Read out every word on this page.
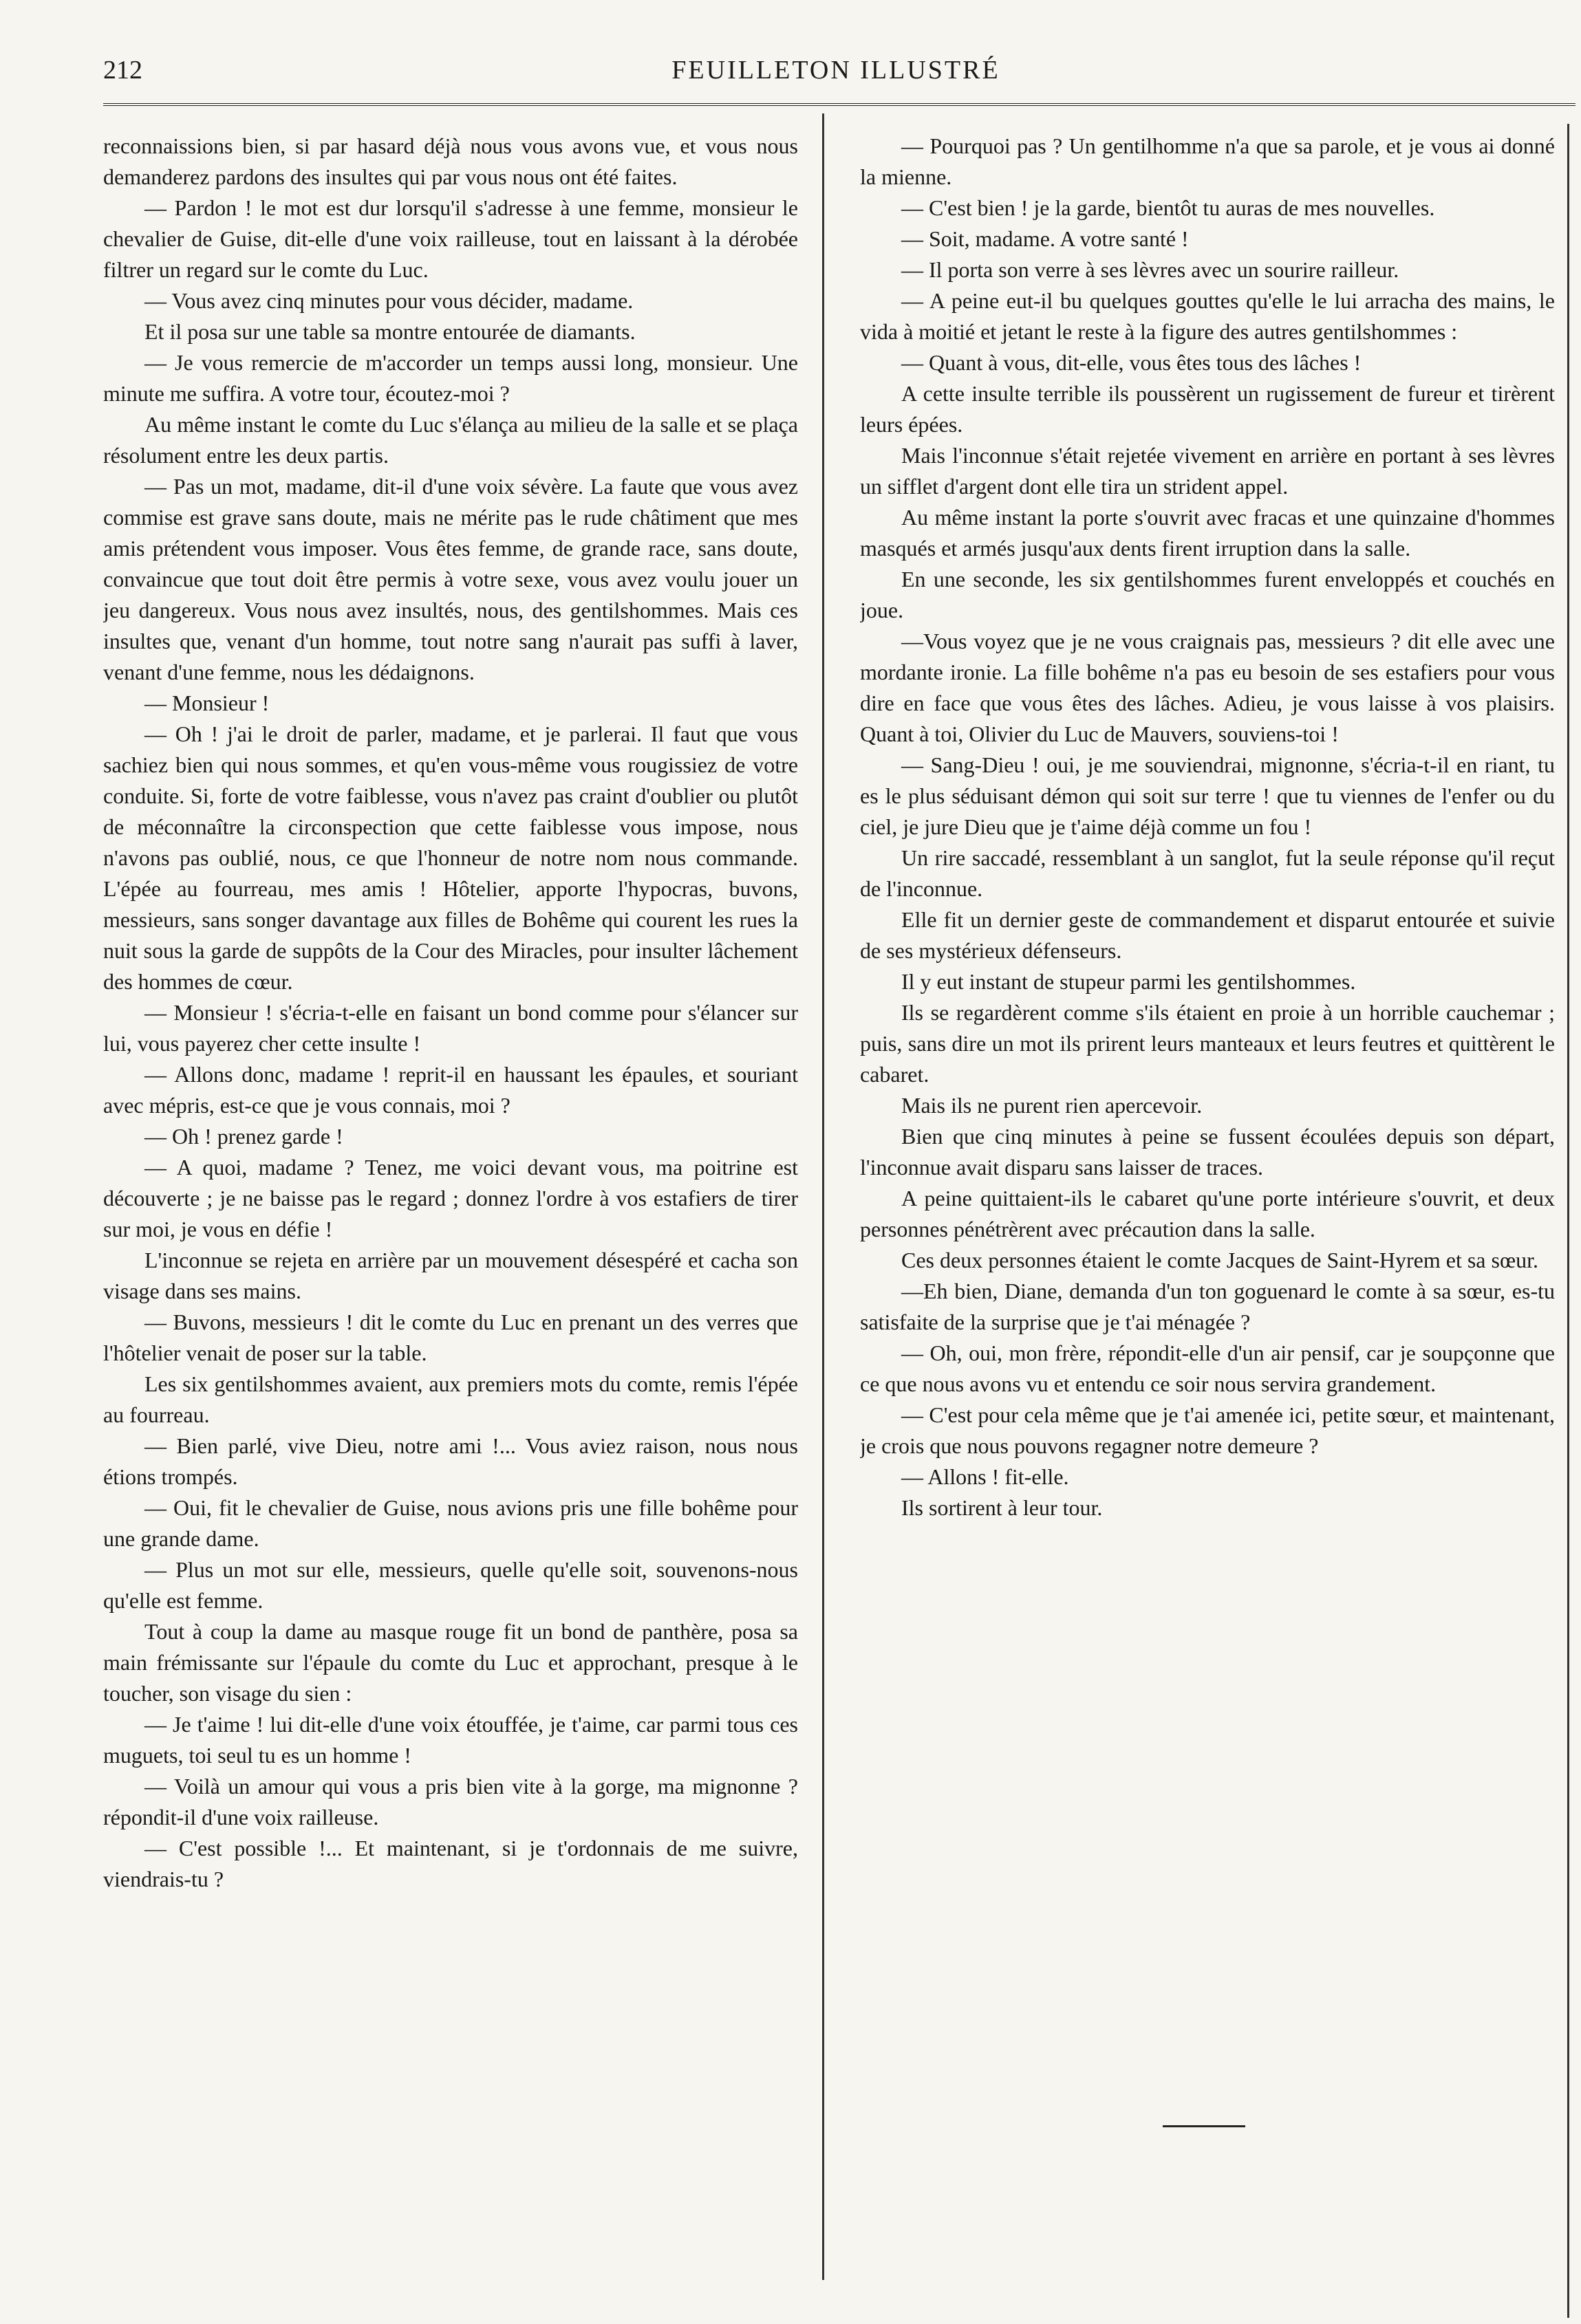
212	FEUILLETON ILLUSTRÉ

reconnaissions bien, si par hasard déjà nous vous avons vue, et vous nous demanderez pardons des insultes qui par vous nous ont été faites.

— Pardon ! le mot est dur lorsqu'il s'adresse à une femme, monsieur le chevalier de Guise, dit-elle d'une voix railleuse, tout en laissant à la dérobée filtrer un regard sur le comte du Luc.

— Vous avez cinq minutes pour vous décider, madame.

Et il posa sur une table sa montre entourée de diamants.

— Je vous remercie de m'accorder un temps aussi long, monsieur. Une minute me suffira. A votre tour, écoutez-moi ?

Au même instant le comte du Luc s'élança au milieu de la salle et se plaça résolument entre les deux partis.

— Pas un mot, madame, dit-il d'une voix sévère. La faute que vous avez commise est grave sans doute, mais ne mérite pas le rude châtiment que mes amis prétendent vous imposer. Vous êtes femme, de grande race, sans doute, convaincue que tout doit être permis à votre sexe, vous avez voulu jouer un jeu dangereux. Vous nous avez insultés, nous, des gentilshommes. Mais ces insultes que, venant d'un homme, tout notre sang n'aurait pas suffi à laver, venant d'une femme, nous les dédaignons.

— Monsieur !

— Oh ! j'ai le droit de parler, madame, et je parlerai. Il faut que vous sachiez bien qui nous sommes, et qu'en vous-même vous rougissiez de votre conduite. Si, forte de votre faiblesse, vous n'avez pas craint d'oublier ou plutôt de méconnaître la circonspection que cette faiblesse vous impose, nous n'avons pas oublié, nous, ce que l'honneur de notre nom nous commande. L'épée au fourreau, mes amis ! Hôtelier, apporte l'hypocras, buvons, messieurs, sans songer davantage aux filles de Bohême qui courent les rues la nuit sous la garde de suppôts de la Cour des Miracles, pour insulter lâchement des hommes de cœur.

— Monsieur ! s'écria-t-elle en faisant un bond comme pour s'élancer sur lui, vous payerez cher cette insulte !

— Allons donc, madame ! reprit-il en haussant les épaules, et souriant avec mépris, est-ce que je vous connais, moi ?

— Oh ! prenez garde !

— A quoi, madame ? Tenez, me voici devant vous, ma poitrine est découverte ; je ne baisse pas le regard ; donnez l'ordre à vos estafiers de tirer sur moi, je vous en défie !

L'inconnue se rejeta en arrière par un mouvement désespéré et cacha son visage dans ses mains.

— Buvons, messieurs ! dit le comte du Luc en prenant un des verres que l'hôtelier venait de poser sur la table.

Les six gentilshommes avaient, aux premiers mots du comte, remis l'épée au fourreau.

— Bien parlé, vive Dieu, notre ami !... Vous aviez raison, nous nous étions trompés.

— Oui, fit le chevalier de Guise, nous avions pris une fille bohême pour une grande dame.

— Plus un mot sur elle, messieurs, quelle qu'elle soit, souvenons-nous qu'elle est femme.

Tout à coup la dame au masque rouge fit un bond de panthère, posa sa main frémissante sur l'épaule du comte du Luc et approchant, presque à le toucher, son visage du sien :

— Je t'aime ! lui dit-elle d'une voix étouffée, je t'aime, car parmi tous ces muguets, toi seul tu es un homme !

— Voilà un amour qui vous a pris bien vite à la gorge, ma mignonne ? répondit-il d'une voix railleuse.

— C'est possible !... Et maintenant, si je t'ordonnais de me suivre, viendrais-tu ?

— Pourquoi pas ? Un gentilhomme n'a que sa parole, et je vous ai donné la mienne.

— C'est bien ! je la garde, bientôt tu auras de mes nouvelles.

— Soit, madame. A votre santé !

— Il porta son verre à ses lèvres avec un sourire railleur.

— A peine eut-il bu quelques gouttes qu'elle le lui arracha des mains, le vida à moitié et jetant le reste à la figure des autres gentilshommes :

— Quant à vous, dit-elle, vous êtes tous des lâches !

A cette insulte terrible ils poussèrent un rugissement de fureur et tirèrent leurs épées.

Mais l'inconnue s'était rejetée vivement en arrière en portant à ses lèvres un sifflet d'argent dont elle tira un strident appel.

Au même instant la porte s'ouvrit avec fracas et une quinzaine d'hommes masqués et armés jusqu'aux dents firent irruption dans la salle.

En une seconde, les six gentilshommes furent enveloppés et couchés en joue.

—Vous voyez que je ne vous craignais pas, messieurs ? dit elle avec une mordante ironie. La fille bohême n'a pas eu besoin de ses estafiers pour vous dire en face que vous êtes des lâches. Adieu, je vous laisse à vos plaisirs. Quant à toi, Olivier du Luc de Mauvers, souviens-toi !

— Sang-Dieu ! oui, je me souviendrai, mignonne, s'écria-t-il en riant, tu es le plus séduisant démon qui soit sur terre ! que tu viennes de l'enfer ou du ciel, je jure Dieu que je t'aime déjà comme un fou !

Un rire saccadé, ressemblant à un sanglot, fut la seule réponse qu'il reçut de l'inconnue.

Elle fit un dernier geste de commandement et disparut entourée et suivie de ses mystérieux défenseurs.

Il y eut instant de stupeur parmi les gentilshommes.

Ils se regardèrent comme s'ils étaient en proie à un horrible cauchemar ; puis, sans dire un mot ils prirent leurs manteaux et leurs feutres et quittèrent le cabaret.

Mais ils ne purent rien apercevoir.

Bien que cinq minutes à peine se fussent écoulées depuis son départ, l'inconnue avait disparu sans laisser de traces.

A peine quittaient-ils le cabaret qu'une porte intérieure s'ouvrit, et deux personnes pénétrèrent avec précaution dans la salle.

Ces deux personnes étaient le comte Jacques de Saint-Hyrem et sa sœur.

—Eh bien, Diane, demanda d'un ton goguenard le comte à sa sœur, es-tu satisfaite de la surprise que je t'ai ménagée ?

— Oh, oui, mon frère, répondit-elle d'un air pensif, car je soupçonne que ce que nous avons vu et entendu ce soir nous servira grandement.

— C'est pour cela même que je t'ai amenée ici, petite sœur, et maintenant, je crois que nous pouvons regagner notre demeure ?

— Allons ! fit-elle.

Ils sortirent à leur tour.
